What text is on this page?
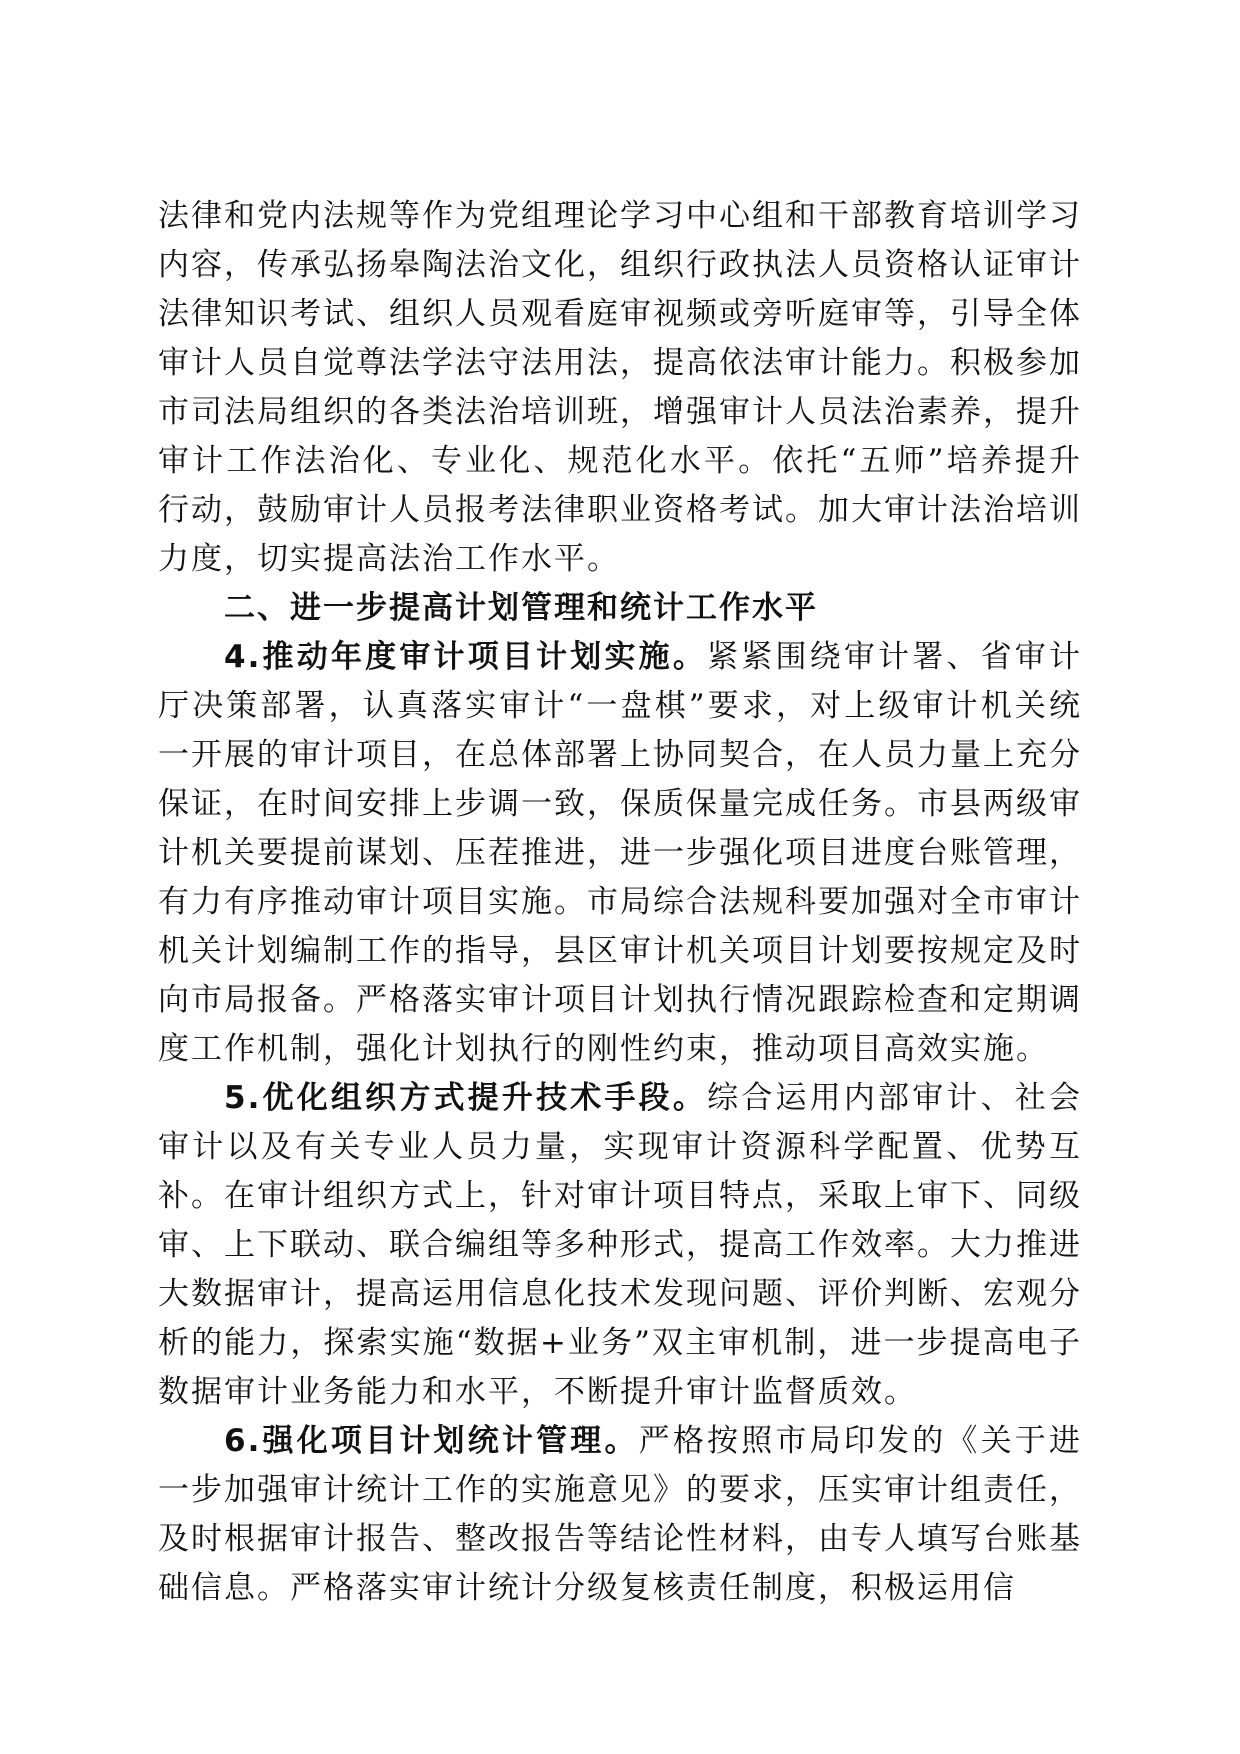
法律和党内法规等作为党组理论学习中心组和干部教育培训学习内容，传承弘扬皋陶法治文化，组织行政执法人员资格认证审计法律知识考试、组织人员观看庭审视频或旁听庭审等，引导全体审计人员自觉尊法学法守法用法，提高依法审计能力。积极参加市司法局组织的各类法治培训班，增强审计人员法治素养，提升审计工作法治化、专业化、规范化水平。依托“五师”培养提升行动，鼓励审计人员报考法律职业资格考试。加大审计法治培训力度，切实提高法治工作水平。

二、进一步提高计划管理和统计工作水平

4.推动年度审计项目计划实施。紧紧围绕审计署、省审计厅决策部署，认真落实审计“一盘棋”要求，对上级审计机关统一开展的审计项目，在总体部署上协同契合，在人员力量上充分保证，在时间安排上步调一致，保质保量完成任务。市县两级审计机关要提前谋划、压茬推进，进一步强化项目进度台账管理，有力有序推动审计项目实施。市局综合法规科要加强对全市审计机关计划编制工作的指导，县区审计机关项目计划要按规定及时向市局报备。严格落实审计项目计划执行情况跟踪检查和定期调度工作机制，强化计划执行的刚性约束，推动项目高效实施。

5.优化组织方式提升技术手段。综合运用内部审计、社会审计以及有关专业人员力量，实现审计资源科学配置、优势互补。在审计组织方式上，针对审计项目特点，采取上审下、同级审、上下联动、联合编组等多种形式，提高工作效率。大力推进大数据审计，提高运用信息化技术发现问题、评价判断、宏观分析的能力，探索实施“数据+业务”双主审机制，进一步提高电子数据审计业务能力和水平，不断提升审计监督质效。

6.强化项目计划统计管理。严格按照市局印发的《关于进一步加强审计统计工作的实施意见》的要求，压实审计组责任，及时根据审计报告、整改报告等结论性材料，由专人填写台账基础信息。严格落实审计统计分级复核责任制度，积极运用信
